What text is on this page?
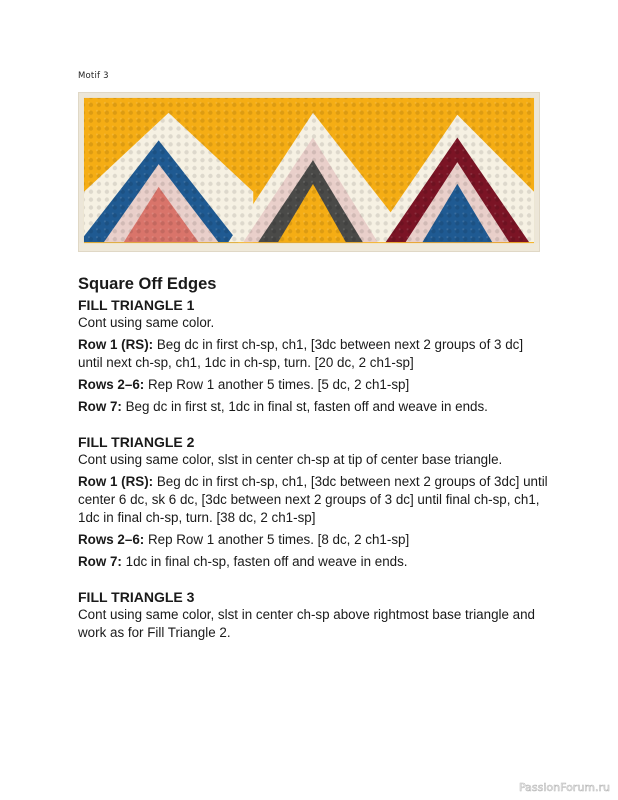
Motif 3
Square Off Edges
FILL TRIANGLE 1

Cont using same color.

Row 1 (RS): Beg dc in first ch-sp, ch1, [3dc between next 2 groups of 3 dc] until next ch-sp, ch1, 1dc in ch-sp, turn. [20 dc, 2 ch1-sp]

Rows 2–6: Rep Row 1 another 5 times. [5 dc, 2 ch1-sp]

Row 7: Beg dc in first st, 1dc in final st, fasten off and weave in ends.

FILL TRIANGLE 2

Cont using same color, slst in center ch-sp at tip of center base triangle.

Row 1 (RS): Beg dc in first ch-sp, ch1, [3dc between next 2 groups of 3dc] until center 6 dc, sk 6 dc, [3dc between next 2 groups of 3 dc] until final ch-sp, ch1, 1dc in final ch-sp, turn. [38 dc, 2 ch1-sp]

Rows 2–6: Rep Row 1 another 5 times. [8 dc, 2 ch1-sp]

Row 7: 1dc in final ch-sp, fasten off and weave in ends.

FILL TRIANGLE 3

Cont using same color, slst in center ch-sp above rightmost base triangle and work as for Fill Triangle 2.

PassionForum.ru
